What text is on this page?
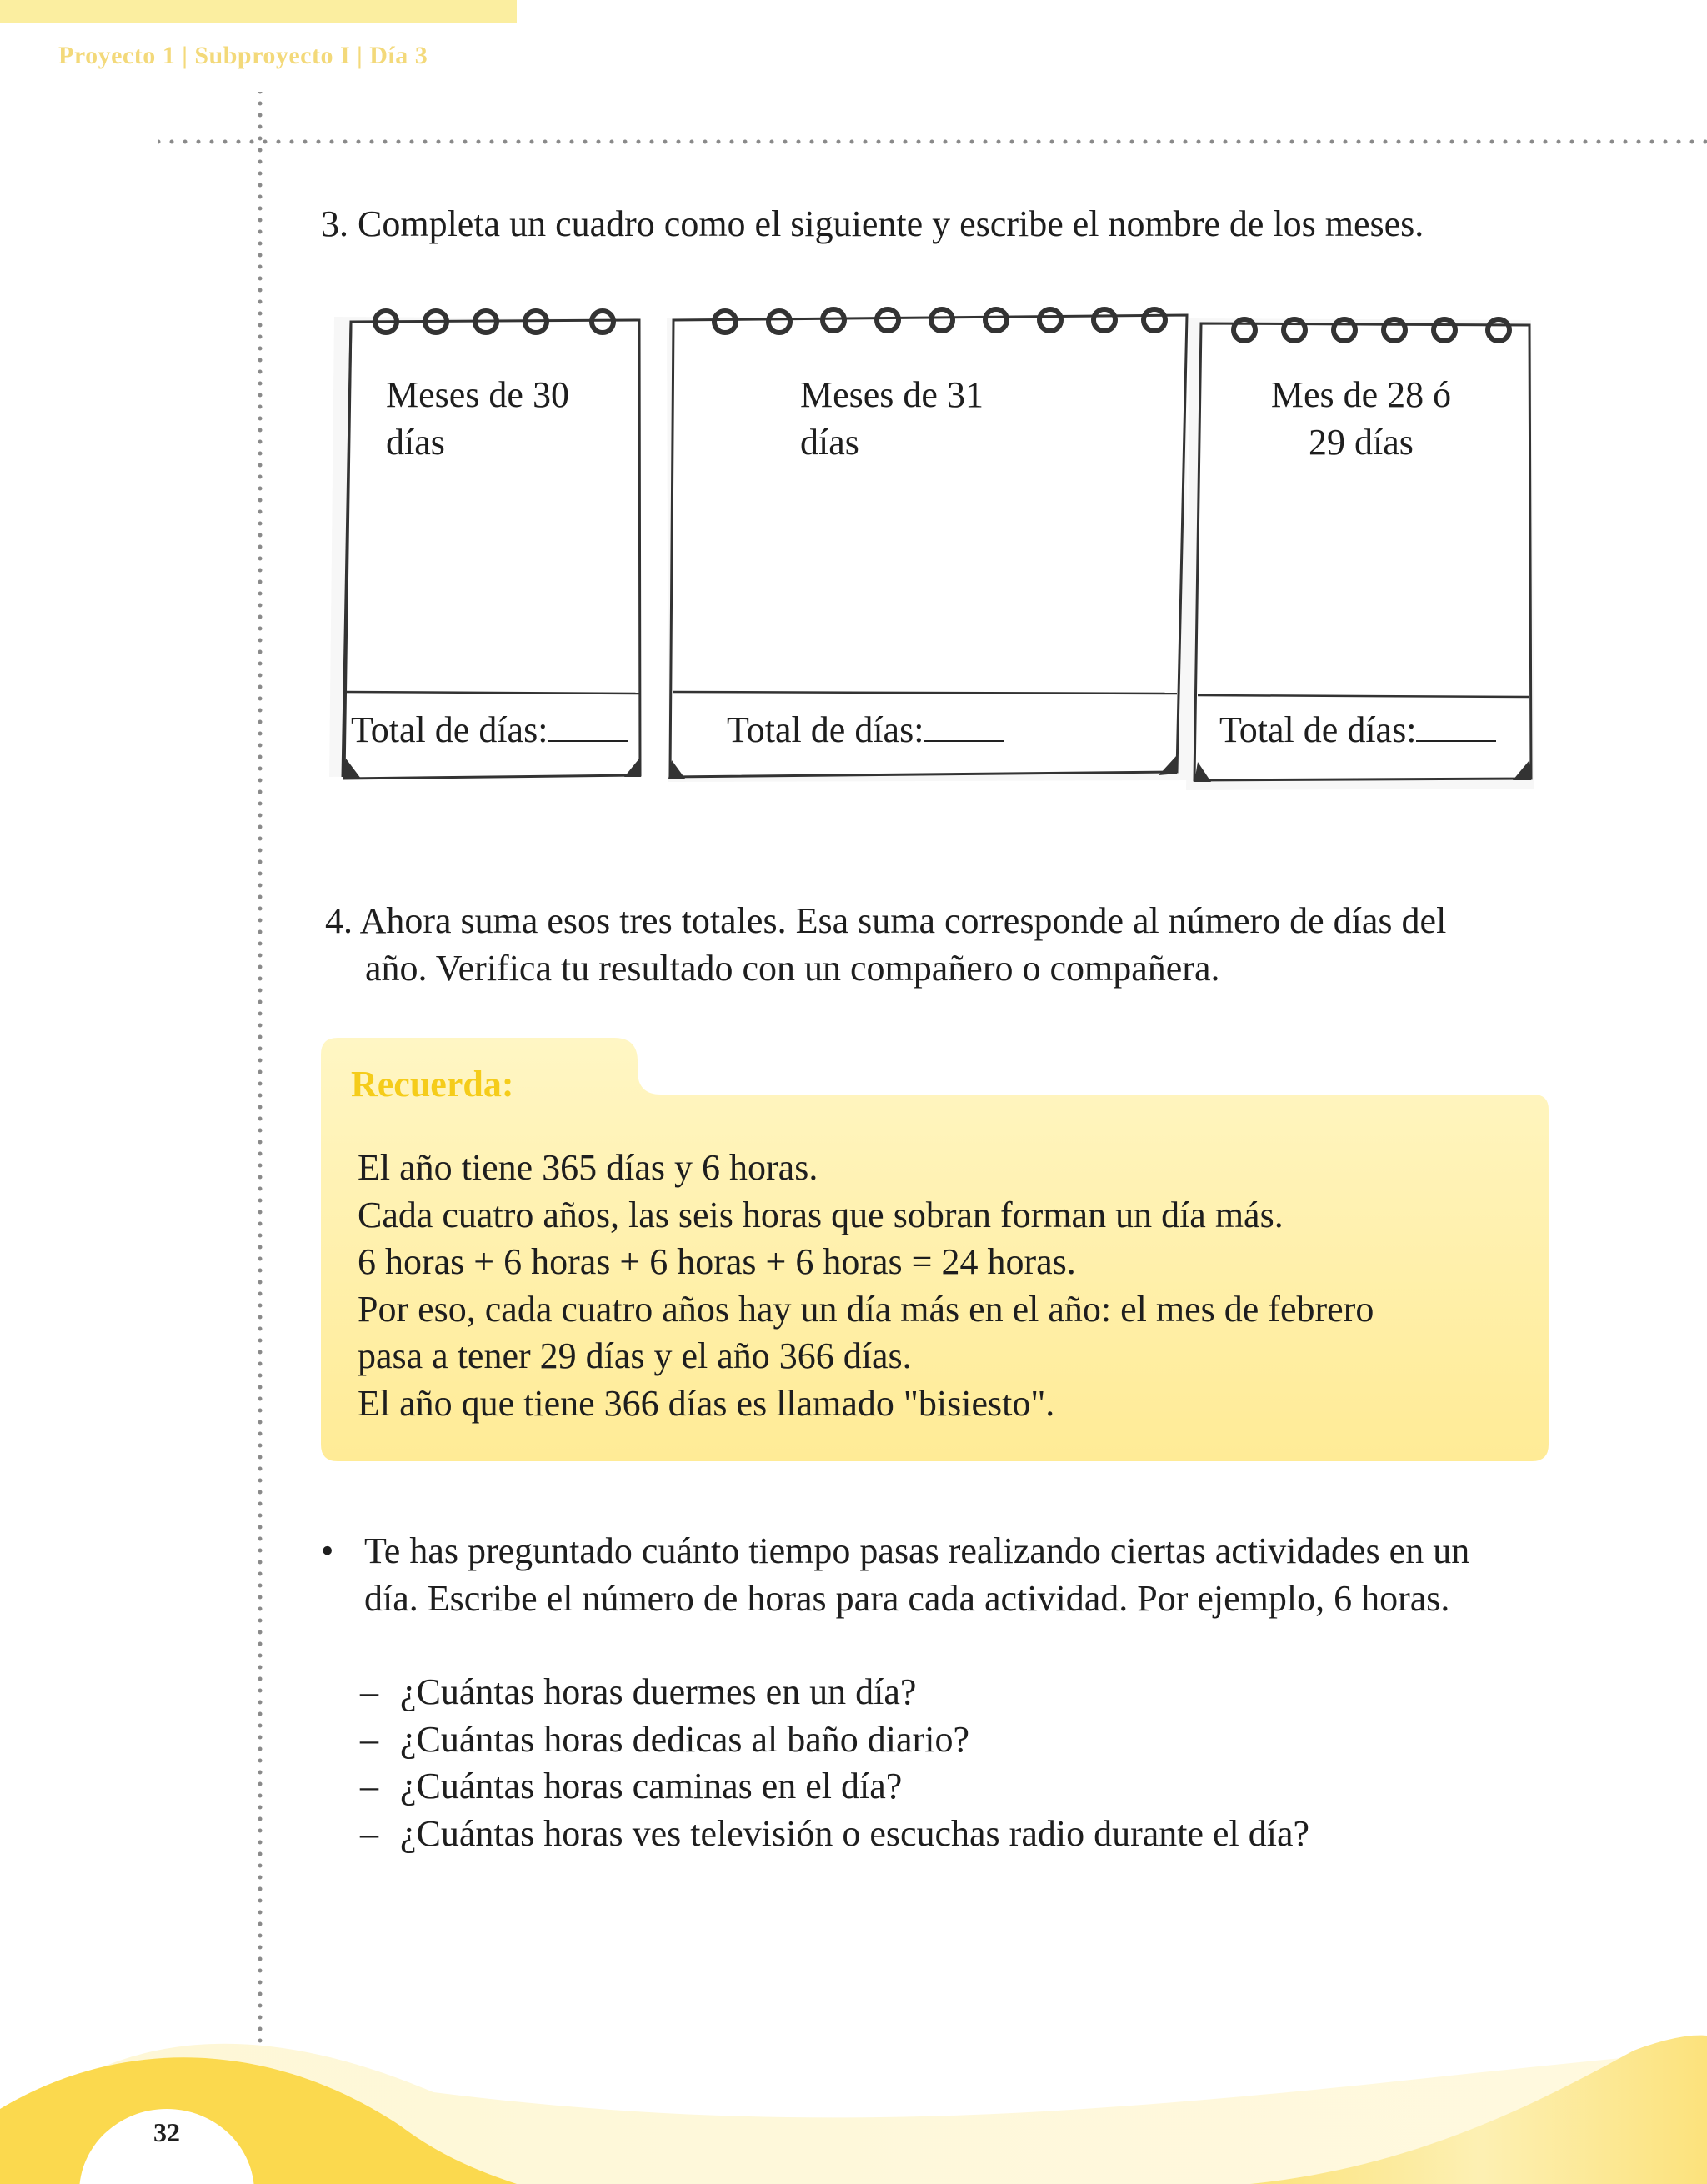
Proyecto 1 | Subproyecto I | Día 3
3. Completa un cuadro como el siguiente y escribe el nombre de los meses.
Meses de 30
días
Total de días:
Meses de 31
días
Total de días:
Mes de 28 ó
29 días
Total de días:
4. Ahora suma esos tres totales. Esa suma corresponde al número de días del
año. Verifica tu resultado con un compañero o compañera.
Recuerda:
El año tiene 365 días y 6 horas.
Cada cuatro años, las seis horas que sobran forman un día más.
6 horas + 6 horas + 6 horas + 6 horas = 24 horas.
Por eso, cada cuatro años hay un día más en el año: el mes de febrero
pasa a tener 29 días y el año 366 días.
El año que tiene 366 días es llamado "bisiesto".
• Te has preguntado cuánto tiempo pasas realizando ciertas actividades en un
día. Escribe el número de horas para cada actividad. Por ejemplo, 6 horas.
– ¿Cuántas horas duermes en un día?
– ¿Cuántas horas dedicas al baño diario?
– ¿Cuántas horas caminas en el día?
– ¿Cuántas horas ves televisión o escuchas radio durante el día?
32
